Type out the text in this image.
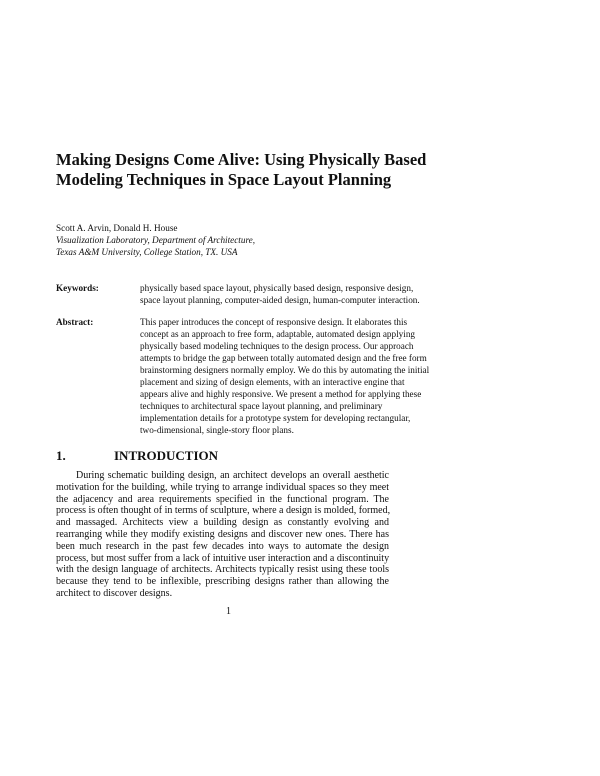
Making Designs Come Alive: Using Physically Based
Modeling Techniques in Space Layout Planning
Scott A. Arvin, Donald H. House
Visualization Laboratory, Department of Architecture,
Texas A&M University, College Station, TX. USA
Keywords:	physically based space layout, physically based design, responsive design,
space layout planning, computer-aided design, human-computer interaction.
Abstract:	This paper introduces the concept of responsive design. It elaborates this
concept as an approach to free form, adaptable, automated design applying
physically based modeling techniques to the design process. Our approach
attempts to bridge the gap between totally automated design and the free form
brainstorming designers normally employ. We do this by automating the initial
placement and sizing of design elements, with an interactive engine that
appears alive and highly responsive. We present a method for applying these
techniques to architectural space layout planning, and preliminary
implementation details for a prototype system for developing rectangular,
two-dimensional, single-story floor plans.
1.	INTRODUCTION
During schematic building design, an architect develops an overall aesthetic
motivation for the building, while trying to arrange individual spaces so they meet
the adjacency and area requirements specified in the functional program. The
process is often thought of in terms of sculpture, where a design is molded, formed,
and massaged. Architects view a building design as constantly evolving and
rearranging while they modify existing designs and discover new ones. There has
been much research in the past few decades into ways to automate the design
process, but most suffer from a lack of intuitive user interaction and a discontinuity
with the design language of architects. Architects typically resist using these tools
because they tend to be inflexible, prescribing designs rather than allowing the
architect to discover designs.
1
